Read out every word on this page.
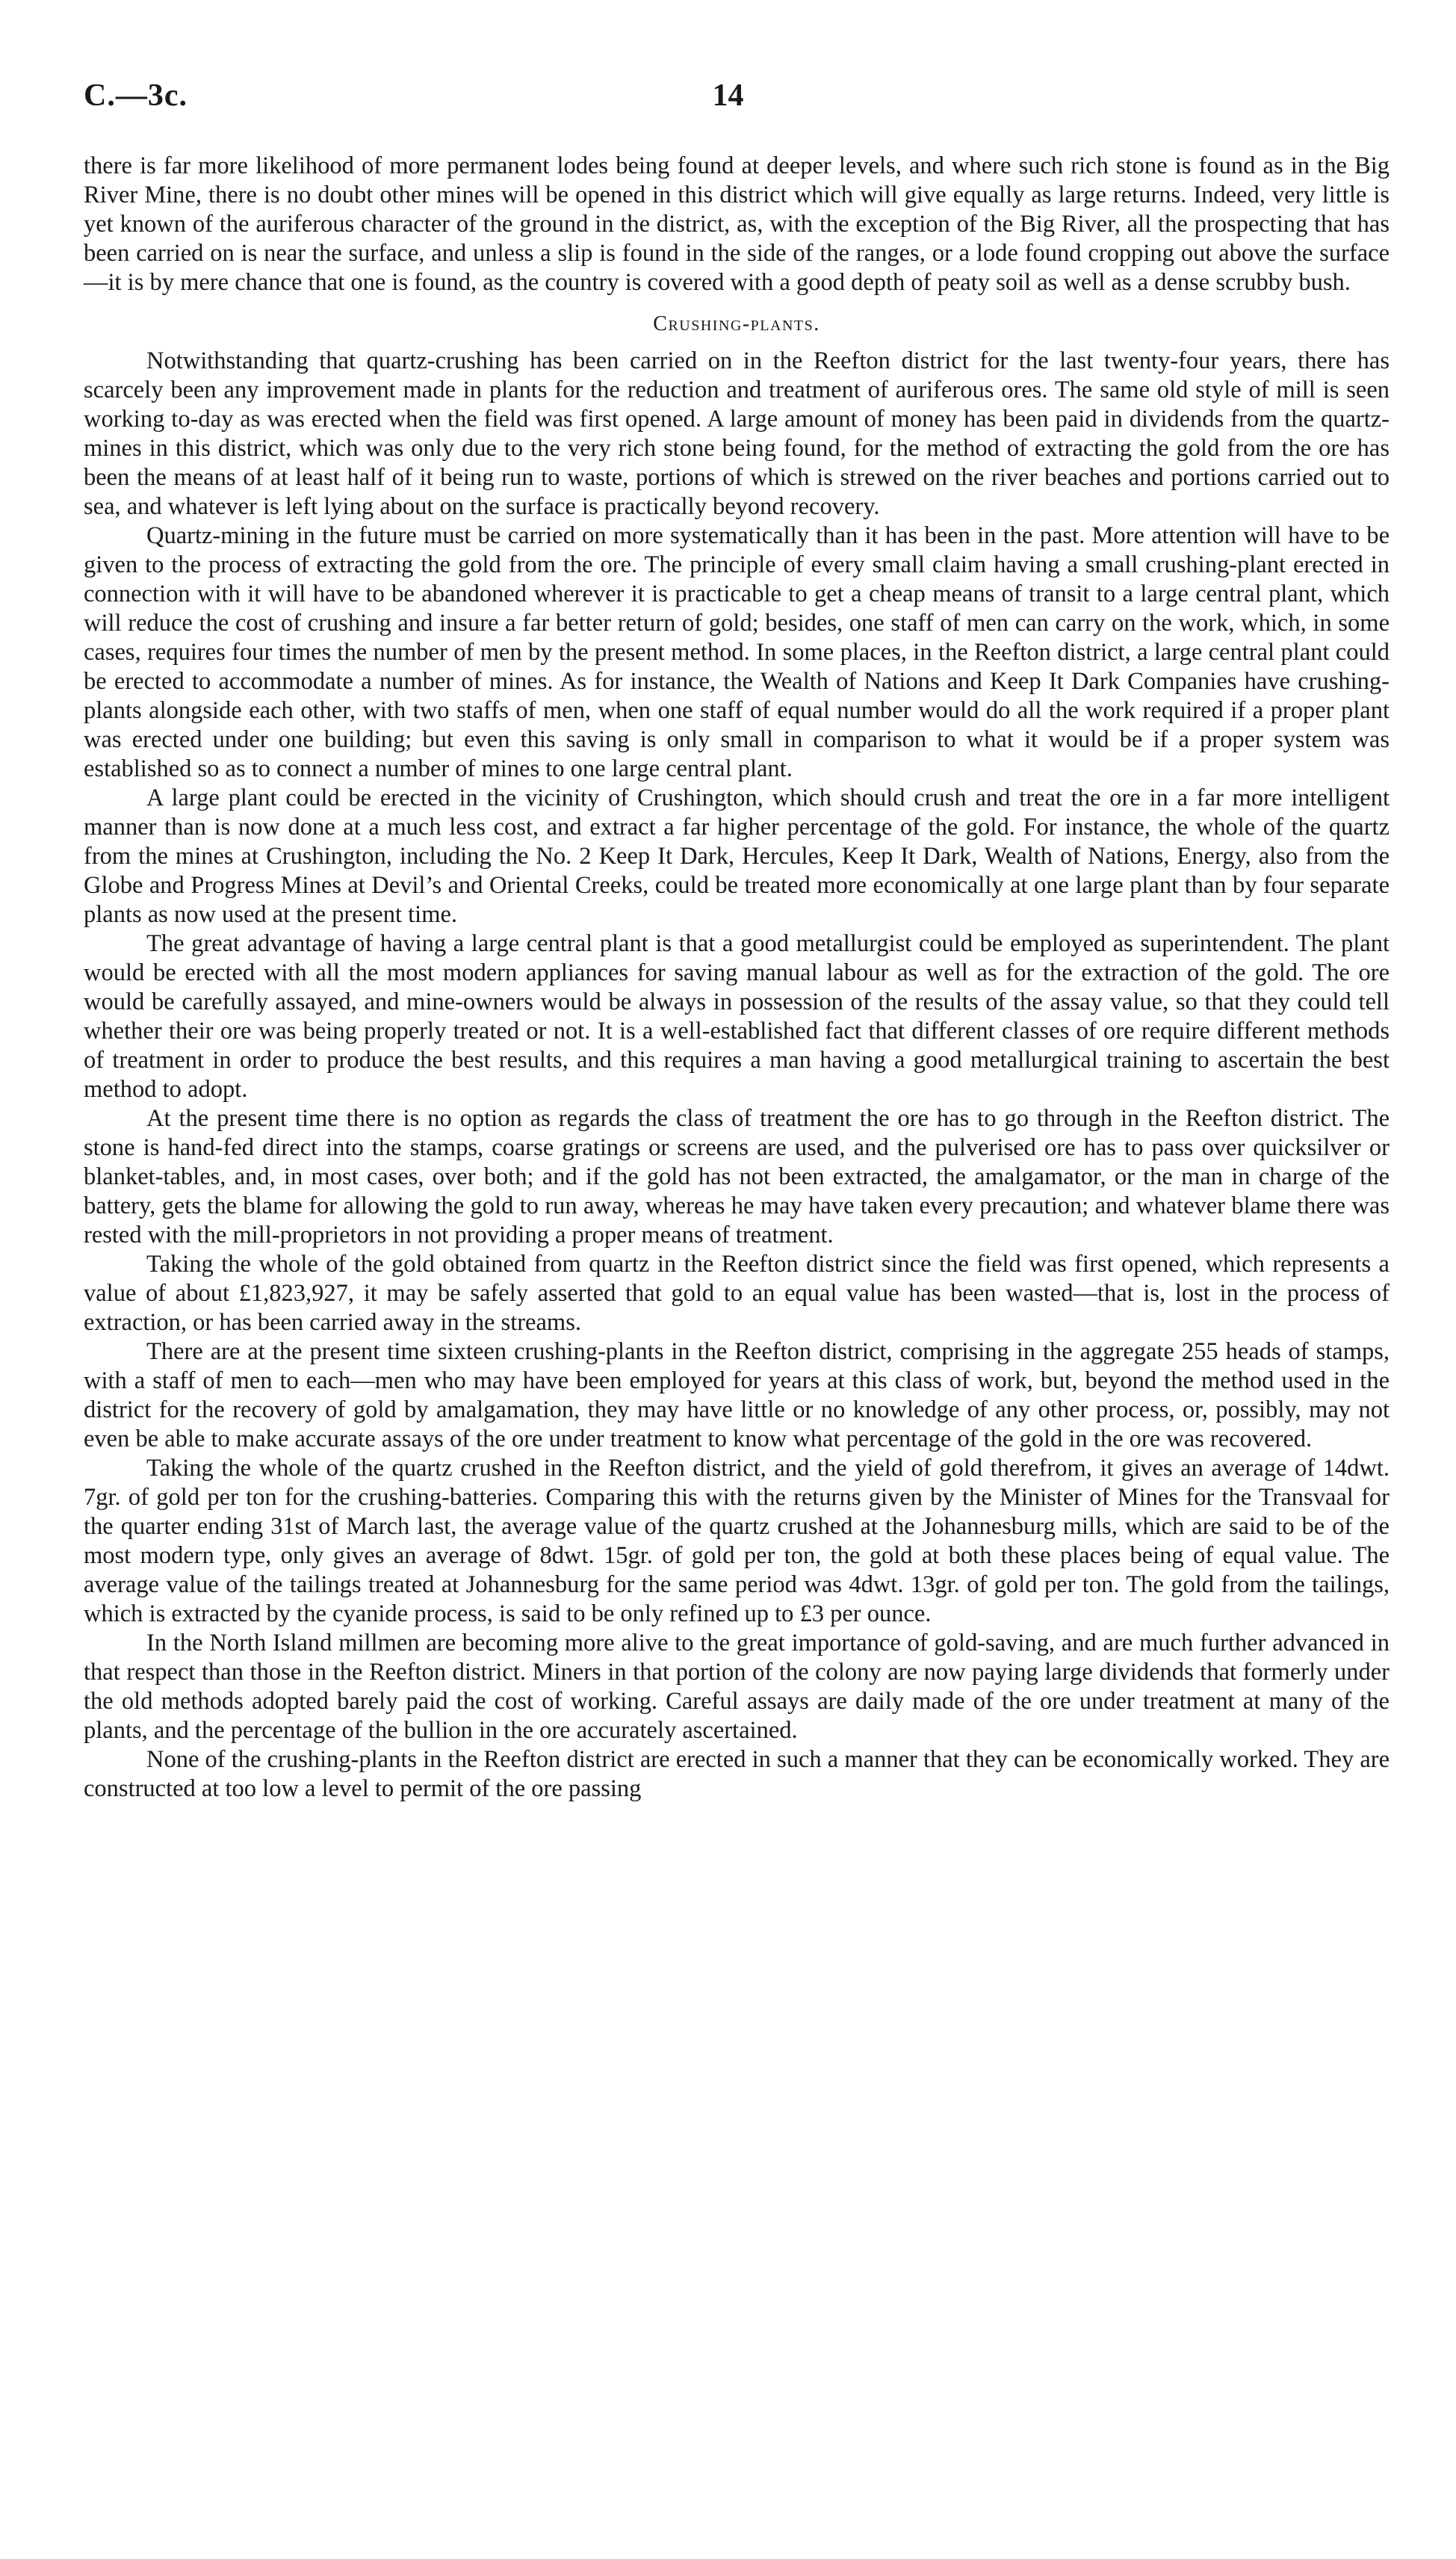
C.—3c.	14

there is far more likelihood of more permanent lodes being found at deeper levels, and where such rich stone is found as in the Big River Mine, there is no doubt other mines will be opened in this district which will give equally as large returns. Indeed, very little is yet known of the auriferous character of the ground in the district, as, with the exception of the Big River, all the prospecting that has been carried on is near the surface, and unless a slip is found in the side of the ranges, or a lode found cropping out above the surface—it is by mere chance that one is found, as the country is covered with a good depth of peaty soil as well as a dense scrubby bush.

Crushing-plants.

Notwithstanding that quartz-crushing has been carried on in the Reefton district for the last twenty-four years, there has scarcely been any improvement made in plants for the reduction and treatment of auriferous ores. The same old style of mill is seen working to-day as was erected when the field was first opened. A large amount of money has been paid in dividends from the quartz-mines in this district, which was only due to the very rich stone being found, for the method of extracting the gold from the ore has been the means of at least half of it being run to waste, portions of which is strewed on the river beaches and portions carried out to sea, and whatever is left lying about on the surface is practically beyond recovery.

Quartz-mining in the future must be carried on more systematically than it has been in the past. More attention will have to be given to the process of extracting the gold from the ore. The principle of every small claim having a small crushing-plant erected in connection with it will have to be abandoned wherever it is practicable to get a cheap means of transit to a large central plant, which will reduce the cost of crushing and insure a far better return of gold; besides, one staff of men can carry on the work, which, in some cases, requires four times the number of men by the present method. In some places, in the Reefton district, a large central plant could be erected to accommodate a number of mines. As for instance, the Wealth of Nations and Keep It Dark Companies have crushing-plants alongside each other, with two staffs of men, when one staff of equal number would do all the work required if a proper plant was erected under one building; but even this saving is only small in comparison to what it would be if a proper system was established so as to connect a number of mines to one large central plant.

A large plant could be erected in the vicinity of Crushington, which should crush and treat the ore in a far more intelligent manner than is now done at a much less cost, and extract a far higher percentage of the gold. For instance, the whole of the quartz from the mines at Crushington, including the No. 2 Keep It Dark, Hercules, Keep It Dark, Wealth of Nations, Energy, also from the Globe and Progress Mines at Devil’s and Oriental Creeks, could be treated more economically at one large plant than by four separate plants as now used at the present time.

The great advantage of having a large central plant is that a good metallurgist could be employed as superintendent. The plant would be erected with all the most modern appliances for saving manual labour as well as for the extraction of the gold. The ore would be carefully assayed, and mine-owners would be always in possession of the results of the assay value, so that they could tell whether their ore was being properly treated or not. It is a well-established fact that different classes of ore require different methods of treatment in order to produce the best results, and this requires a man having a good metallurgical training to ascertain the best method to adopt.

At the present time there is no option as regards the class of treatment the ore has to go through in the Reefton district. The stone is hand-fed direct into the stamps, coarse gratings or screens are used, and the pulverised ore has to pass over quicksilver or blanket-tables, and, in most cases, over both; and if the gold has not been extracted, the amalgamator, or the man in charge of the battery, gets the blame for allowing the gold to run away, whereas he may have taken every precaution; and whatever blame there was rested with the mill-proprietors in not providing a proper means of treatment.

Taking the whole of the gold obtained from quartz in the Reefton district since the field was first opened, which represents a value of about £1,823,927, it may be safely asserted that gold to an equal value has been wasted—that is, lost in the process of extraction, or has been carried away in the streams.

There are at the present time sixteen crushing-plants in the Reefton district, comprising in the aggregate 255 heads of stamps, with a staff of men to each—men who may have been employed for years at this class of work, but, beyond the method used in the district for the recovery of gold by amalgamation, they may have little or no knowledge of any other process, or, possibly, may not even be able to make accurate assays of the ore under treatment to know what percentage of the gold in the ore was recovered.

Taking the whole of the quartz crushed in the Reefton district, and the yield of gold therefrom, it gives an average of 14dwt. 7gr. of gold per ton for the crushing-batteries. Comparing this with the returns given by the Minister of Mines for the Transvaal for the quarter ending 31st of March last, the average value of the quartz crushed at the Johannesburg mills, which are said to be of the most modern type, only gives an average of 8dwt. 15gr. of gold per ton, the gold at both these places being of equal value. The average value of the tailings treated at Johannesburg for the same period was 4dwt. 13gr. of gold per ton. The gold from the tailings, which is extracted by the cyanide process, is said to be only refined up to £3 per ounce.

In the North Island millmen are becoming more alive to the great importance of gold-saving, and are much further advanced in that respect than those in the Reefton district. Miners in that portion of the colony are now paying large dividends that formerly under the old methods adopted barely paid the cost of working. Careful assays are daily made of the ore under treatment at many of the plants, and the percentage of the bullion in the ore accurately ascertained.

None of the crushing-plants in the Reefton district are erected in such a manner that they can be economically worked. They are constructed at too low a level to permit of the ore passing
